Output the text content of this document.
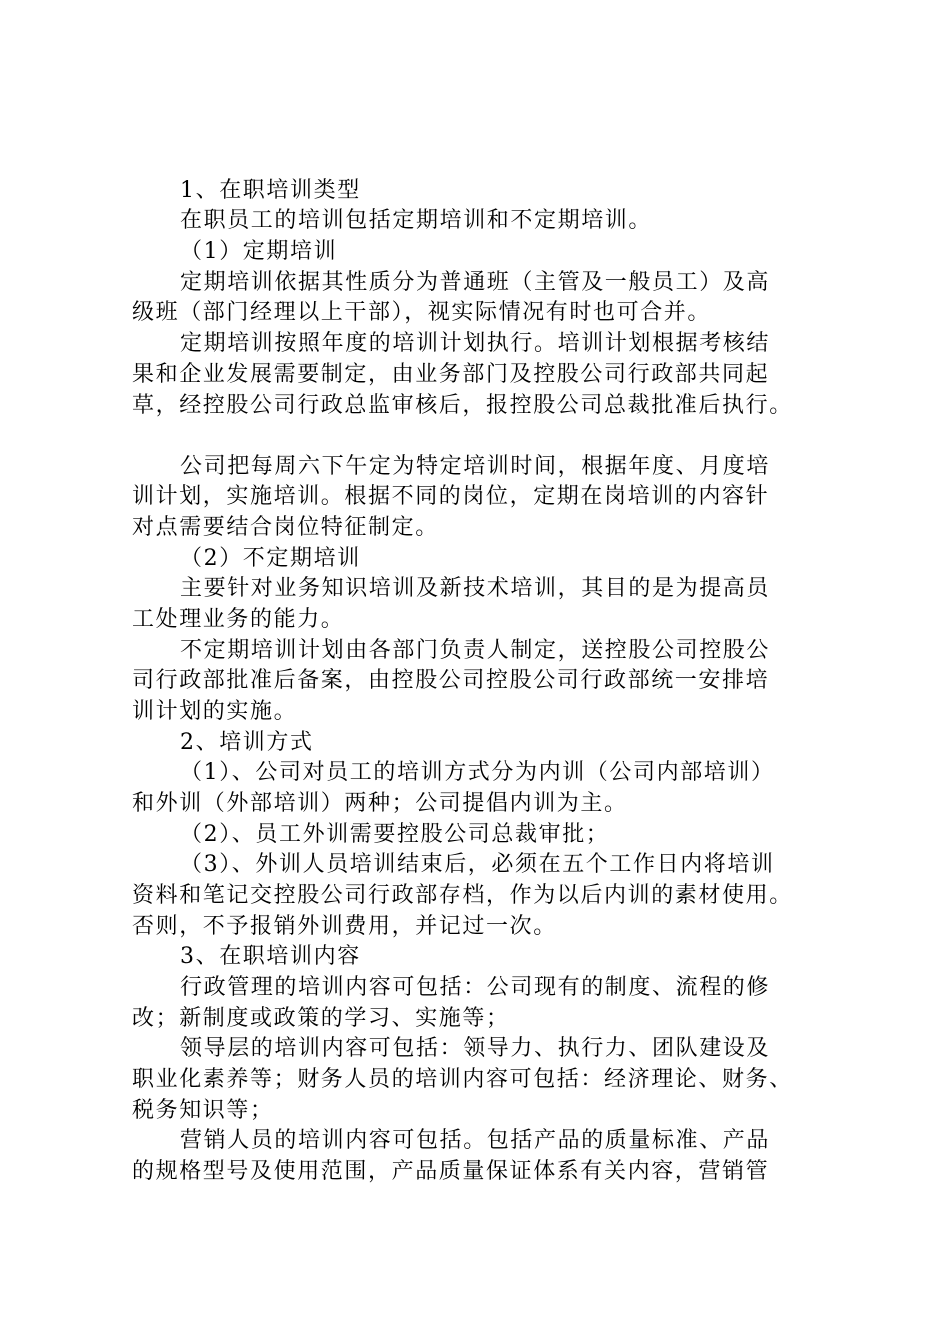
1、在职培训类型
在职员工的培训包括定期培训和不定期培训。
（1）定期培训
定期培训依据其性质分为普通班（主管及一般员工）及高
级班（部门经理以上干部），视实际情况有时也可合并。
定期培训按照年度的培训计划执行。培训计划根据考核结
果和企业发展需要制定，由业务部门及控股公司行政部共同起
草，经控股公司行政总监审核后，报控股公司总裁批准后执行。
公司把每周六下午定为特定培训时间，根据年度、月度培
训计划，实施培训。根据不同的岗位，定期在岗培训的内容针
对点需要结合岗位特征制定。
（2）不定期培训
主要针对业务知识培训及新技术培训，其目的是为提高员
工处理业务的能力。
不定期培训计划由各部门负责人制定，送控股公司控股公
司行政部批准后备案，由控股公司控股公司行政部统一安排培
训计划的实施。
2、培训方式
（1）、公司对员工的培训方式分为内训（公司内部培训）
和外训（外部培训）两种；公司提倡内训为主。
（2）、员工外训需要控股公司总裁审批；
（3）、外训人员培训结束后，必须在五个工作日内将培训
资料和笔记交控股公司行政部存档，作为以后内训的素材使用。
否则，不予报销外训费用，并记过一次。
3、在职培训内容
行政管理的培训内容可包括：公司现有的制度、流程的修
改；新制度或政策的学习、实施等；
领导层的培训内容可包括：领导力、执行力、团队建设及
职业化素养等；财务人员的培训内容可包括：经济理论、财务、
税务知识等；
营销人员的培训内容可包括。包括产品的质量标准、产品
的规格型号及使用范围，产品质量保证体系有关内容，营销管
